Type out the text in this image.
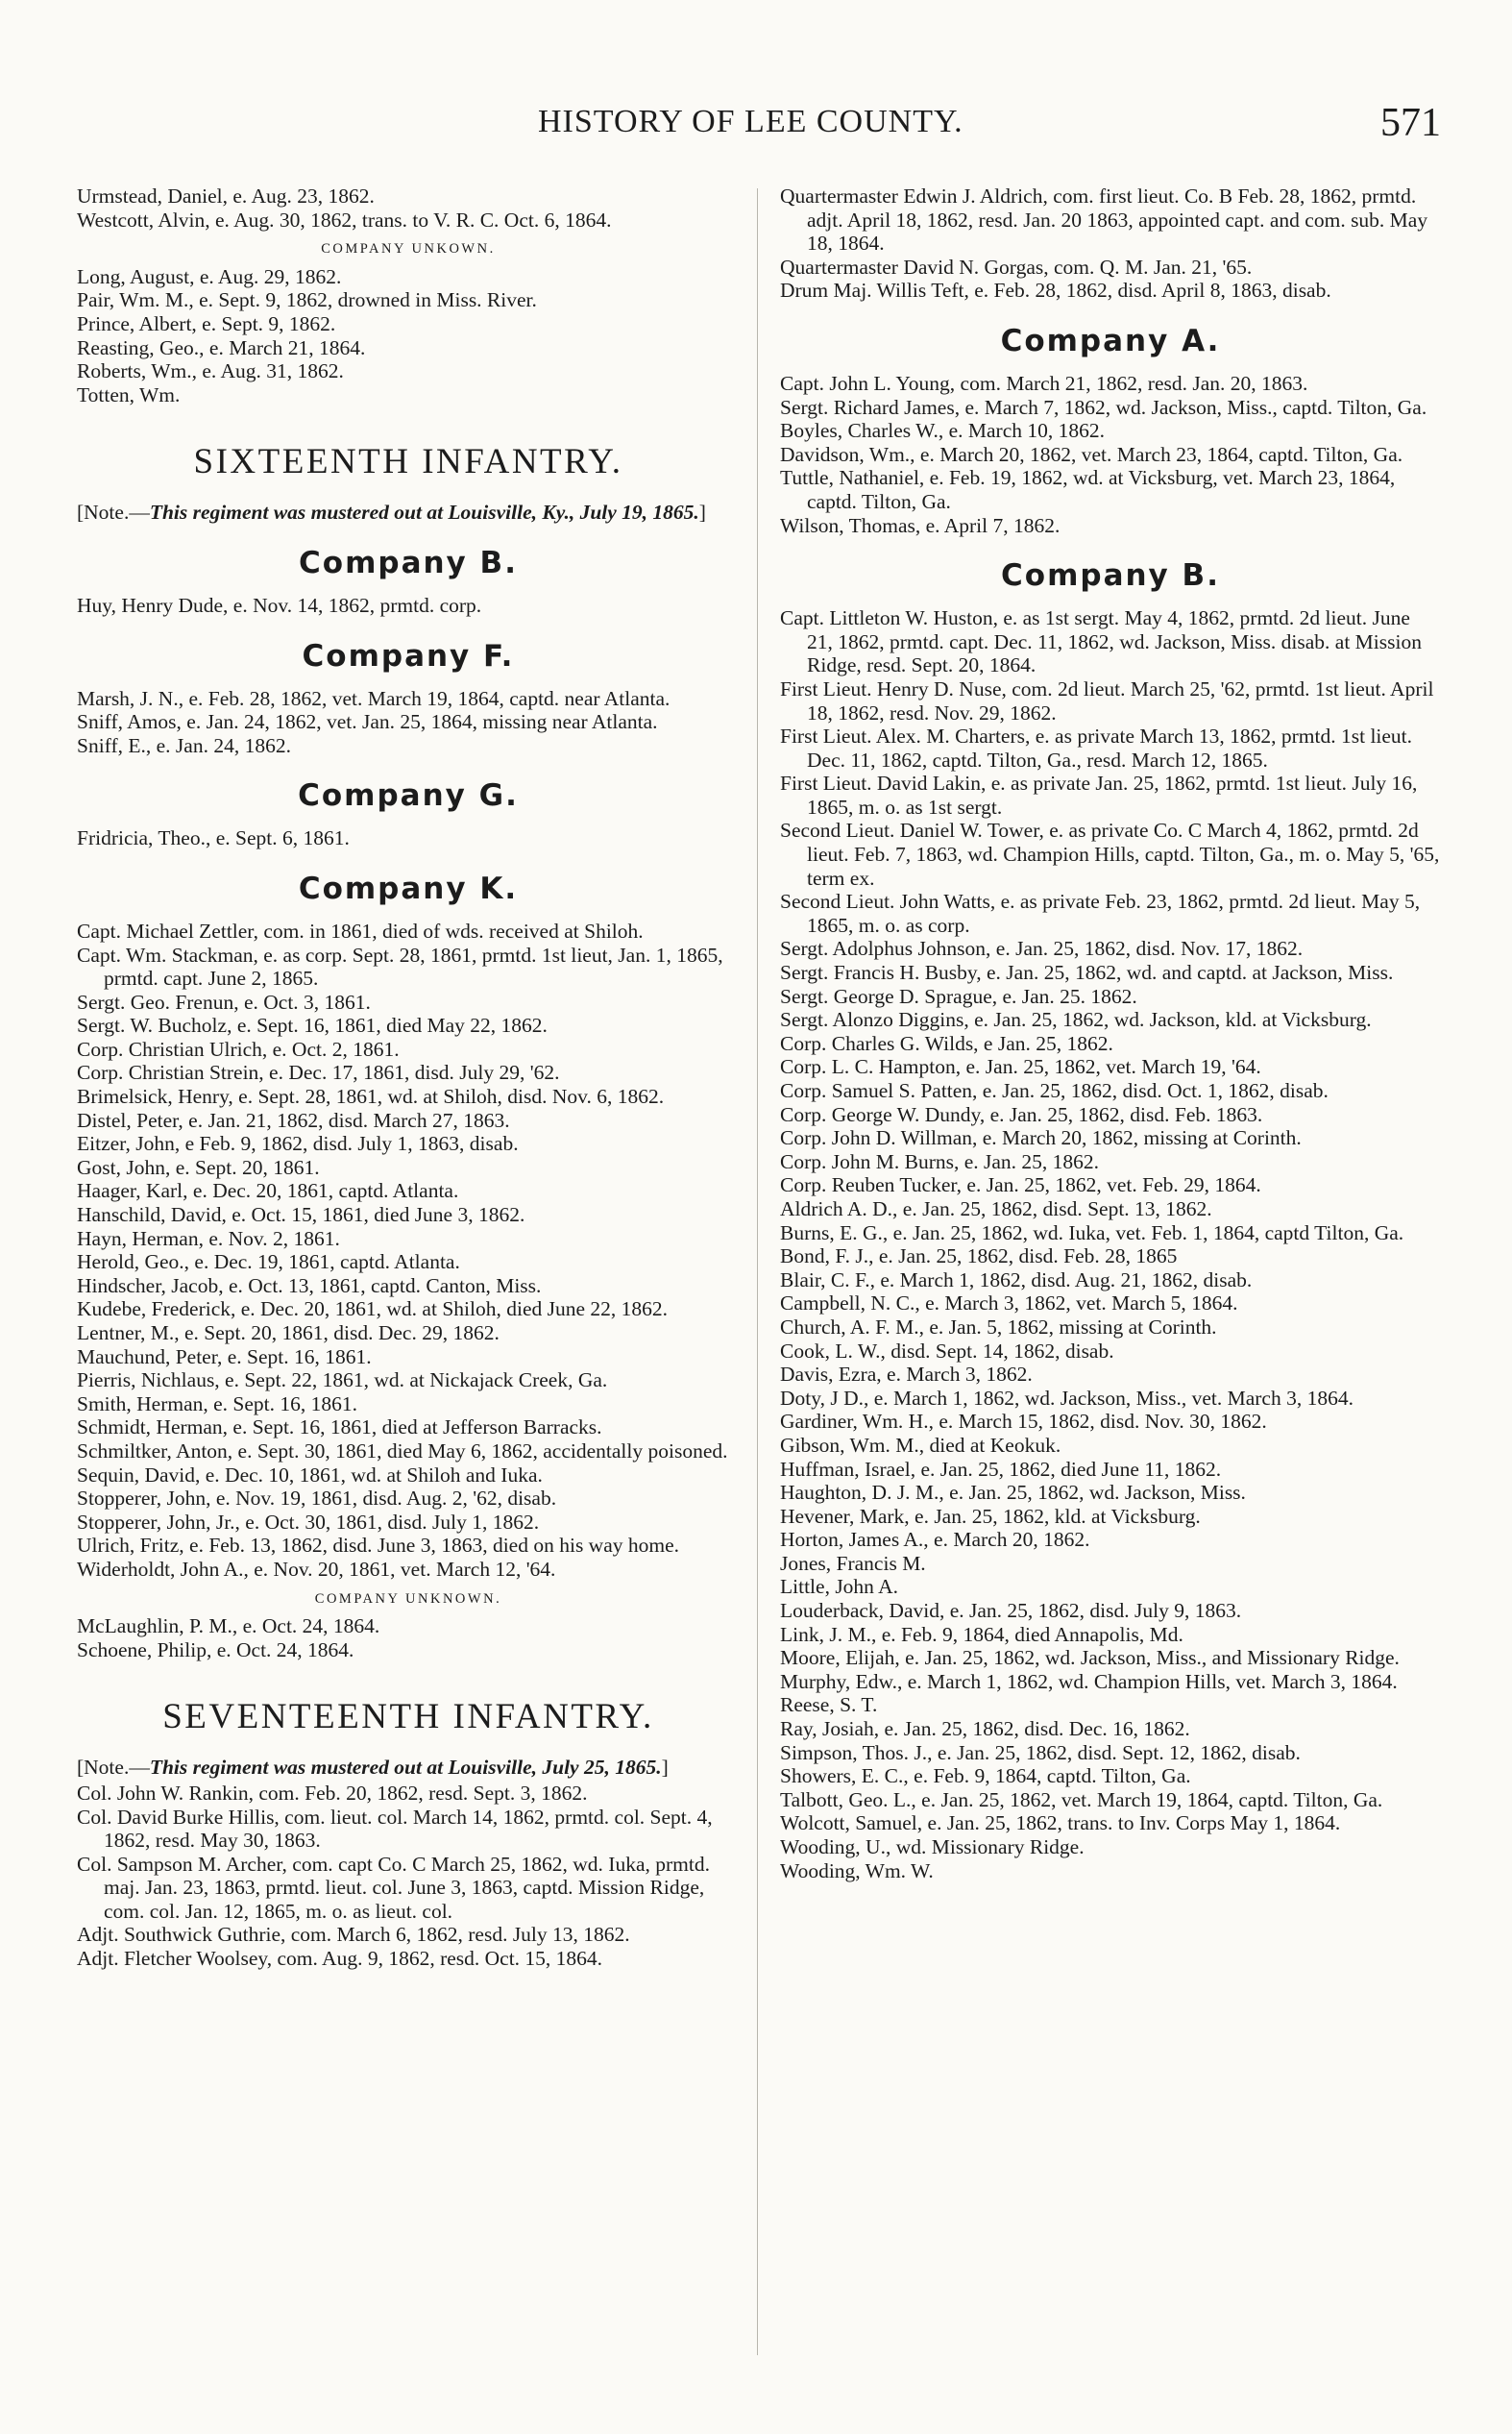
HISTORY OF LEE COUNTY.	571

Urmstead, Daniel, e. Aug. 23, 1862.

Westcott, Alvin, e. Aug. 30, 1862, trans. to V. R. C. Oct. 6, 1864.

COMPANY UNKOWN.

Long, August, e. Aug. 29, 1862.

Pair, Wm. M., e. Sept. 9, 1862, drowned in Miss. River.

Prince, Albert, e. Sept. 9, 1862.

Reasting, Geo., e. March 21, 1864.

Roberts, Wm., e. Aug. 31, 1862.

Totten, Wm.

SIXTEENTH INFANTRY.

[Note.—This regiment was mustered out at Louisville, Ky., July 19, 1865.]

Company B.

Huy, Henry Dude, e. Nov. 14, 1862, prmtd. corp.

Company F.

Marsh, J. N., e. Feb. 28, 1862, vet. March 19, 1864, captd. near Atlanta.

Sniff, Amos, e. Jan. 24, 1862, vet. Jan. 25, 1864, missing near Atlanta.

Sniff, E., e. Jan. 24, 1862.

Company G.

Fridricia, Theo., e. Sept. 6, 1861.

Company K.

Capt. Michael Zettler, com. in 1861, died of wds. received at Shiloh.

Capt. Wm. Stackman, e. as corp. Sept. 28, 1861, prmtd. 1st lieut, Jan. 1, 1865, prmtd. capt. June 2, 1865.

Sergt. Geo. Frenun, e. Oct. 3, 1861.

Sergt. W. Bucholz, e. Sept. 16, 1861, died May 22, 1862.

Corp. Christian Ulrich, e. Oct. 2, 1861.

Corp. Christian Strein, e. Dec. 17, 1861, disd. July 29, '62.

Brimelsick, Henry, e. Sept. 28, 1861, wd. at Shiloh, disd. Nov. 6, 1862.

Distel, Peter, e. Jan. 21, 1862, disd. March 27, 1863.

Eitzer, John, e Feb. 9, 1862, disd. July 1, 1863, disab.

Gost, John, e. Sept. 20, 1861.

Haager, Karl, e. Dec. 20, 1861, captd. Atlanta.

Hanschild, David, e. Oct. 15, 1861, died June 3, 1862.

Hayn, Herman, e. Nov. 2, 1861.

Herold, Geo., e. Dec. 19, 1861, captd. Atlanta.

Hindscher, Jacob, e. Oct. 13, 1861, captd. Canton, Miss.

Kudebe, Frederick, e. Dec. 20, 1861, wd. at Shiloh, died June 22, 1862.

Lentner, M., e. Sept. 20, 1861, disd. Dec. 29, 1862.

Mauchund, Peter, e. Sept. 16, 1861.

Pierris, Nichlaus, e. Sept. 22, 1861, wd. at Nickajack Creek, Ga.

Smith, Herman, e. Sept. 16, 1861.

Schmidt, Herman, e. Sept. 16, 1861, died at Jefferson Barracks.

Schmiltker, Anton, e. Sept. 30, 1861, died May 6, 1862, accidentally poisoned.

Sequin, David, e. Dec. 10, 1861, wd. at Shiloh and Iuka.

Stopperer, John, e. Nov. 19, 1861, disd. Aug. 2, '62, disab.

Stopperer, John, Jr., e. Oct. 30, 1861, disd. July 1, 1862.

Ulrich, Fritz, e. Feb. 13, 1862, disd. June 3, 1863, died on his way home.

Widerholdt, John A., e. Nov. 20, 1861, vet. March 12, '64.

COMPANY UNKNOWN.

McLaughlin, P. M., e. Oct. 24, 1864.

Schoene, Philip, e. Oct. 24, 1864.

SEVENTEENTH INFANTRY.

[Note.—This regiment was mustered out at Louisville, July 25, 1865.]

Col. John W. Rankin, com. Feb. 20, 1862, resd. Sept. 3, 1862.

Col. David Burke Hillis, com. lieut. col. March 14, 1862, prmtd. col. Sept. 4, 1862, resd. May 30, 1863.

Col. Sampson M. Archer, com. capt Co. C March 25, 1862, wd. Iuka, prmtd. maj. Jan. 23, 1863, prmtd. lieut. col. June 3, 1863, captd. Mission Ridge, com. col. Jan. 12, 1865, m. o. as lieut. col.

Adjt. Southwick Guthrie, com. March 6, 1862, resd. July 13, 1862.

Adjt. Fletcher Woolsey, com. Aug. 9, 1862, resd. Oct. 15, 1864.

Quartermaster Edwin J. Aldrich, com. first lieut. Co. B Feb. 28, 1862, prmtd. adjt. April 18, 1862, resd. Jan. 20 1863, appointed capt. and com. sub. May 18, 1864.

Quartermaster David N. Gorgas, com. Q. M. Jan. 21, '65.

Drum Maj. Willis Teft, e. Feb. 28, 1862, disd. April 8, 1863, disab.

Company A.

Capt. John L. Young, com. March 21, 1862, resd. Jan. 20, 1863.

Sergt. Richard James, e. March 7, 1862, wd. Jackson, Miss., captd. Tilton, Ga.

Boyles, Charles W., e. March 10, 1862.

Davidson, Wm., e. March 20, 1862, vet. March 23, 1864, captd. Tilton, Ga.

Tuttle, Nathaniel, e. Feb. 19, 1862, wd. at Vicksburg, vet. March 23, 1864, captd. Tilton, Ga.

Wilson, Thomas, e. April 7, 1862.

Company B.

Capt. Littleton W. Huston, e. as 1st sergt. May 4, 1862, prmtd. 2d lieut. June 21, 1862, prmtd. capt. Dec. 11, 1862, wd. Jackson, Miss. disab. at Mission Ridge, resd. Sept. 20, 1864.

First Lieut. Henry D. Nuse, com. 2d lieut. March 25, '62, prmtd. 1st lieut. April 18, 1862, resd. Nov. 29, 1862.

First Lieut. Alex. M. Charters, e. as private March 13, 1862, prmtd. 1st lieut. Dec. 11, 1862, captd. Tilton, Ga., resd. March 12, 1865.

First Lieut. David Lakin, e. as private Jan. 25, 1862, prmtd. 1st lieut. July 16, 1865, m. o. as 1st sergt.

Second Lieut. Daniel W. Tower, e. as private Co. C March 4, 1862, prmtd. 2d lieut. Feb. 7, 1863, wd. Champion Hills, captd. Tilton, Ga., m. o. May 5, '65, term ex.

Second Lieut. John Watts, e. as private Feb. 23, 1862, prmtd. 2d lieut. May 5, 1865, m. o. as corp.

Sergt. Adolphus Johnson, e. Jan. 25, 1862, disd. Nov. 17, 1862.

Sergt. Francis H. Busby, e. Jan. 25, 1862, wd. and captd. at Jackson, Miss.

Sergt. George D. Sprague, e. Jan. 25. 1862.

Sergt. Alonzo Diggins, e. Jan. 25, 1862, wd. Jackson, kld. at Vicksburg.

Corp. Charles G. Wilds, e Jan. 25, 1862.

Corp. L. C. Hampton, e. Jan. 25, 1862, vet. March 19, '64.

Corp. Samuel S. Patten, e. Jan. 25, 1862, disd. Oct. 1, 1862, disab.

Corp. George W. Dundy, e. Jan. 25, 1862, disd. Feb. 1863.

Corp. John D. Willman, e. March 20, 1862, missing at Corinth.

Corp. John M. Burns, e. Jan. 25, 1862.

Corp. Reuben Tucker, e. Jan. 25, 1862, vet. Feb. 29, 1864.

Aldrich A. D., e. Jan. 25, 1862, disd. Sept. 13, 1862.

Burns, E. G., e. Jan. 25, 1862, wd. Iuka, vet. Feb. 1, 1864, captd Tilton, Ga.

Bond, F. J., e. Jan. 25, 1862, disd. Feb. 28, 1865

Blair, C. F., e. March 1, 1862, disd. Aug. 21, 1862, disab.

Campbell, N. C., e. March 3, 1862, vet. March 5, 1864.

Church, A. F. M., e. Jan. 5, 1862, missing at Corinth.

Cook, L. W., disd. Sept. 14, 1862, disab.

Davis, Ezra, e. March 3, 1862.

Doty, J D., e. March 1, 1862, wd. Jackson, Miss., vet. March 3, 1864.

Gardiner, Wm. H., e. March 15, 1862, disd. Nov. 30, 1862.

Gibson, Wm. M., died at Keokuk.

Huffman, Israel, e. Jan. 25, 1862, died June 11, 1862.

Haughton, D. J. M., e. Jan. 25, 1862, wd. Jackson, Miss.

Hevener, Mark, e. Jan. 25, 1862, kld. at Vicksburg.

Horton, James A., e. March 20, 1862.

Jones, Francis M.

Little, John A.

Louderback, David, e. Jan. 25, 1862, disd. July 9, 1863.

Link, J. M., e. Feb. 9, 1864, died Annapolis, Md.

Moore, Elijah, e. Jan. 25, 1862, wd. Jackson, Miss., and Missionary Ridge.

Murphy, Edw., e. March 1, 1862, wd. Champion Hills, vet. March 3, 1864.

Reese, S. T.

Ray, Josiah, e. Jan. 25, 1862, disd. Dec. 16, 1862.

Simpson, Thos. J., e. Jan. 25, 1862, disd. Sept. 12, 1862, disab.

Showers, E. C., e. Feb. 9, 1864, captd. Tilton, Ga.

Talbott, Geo. L., e. Jan. 25, 1862, vet. March 19, 1864, captd. Tilton, Ga.

Wolcott, Samuel, e. Jan. 25, 1862, trans. to Inv. Corps May 1, 1864.

Wooding, U., wd. Missionary Ridge.

Wooding, Wm. W.
